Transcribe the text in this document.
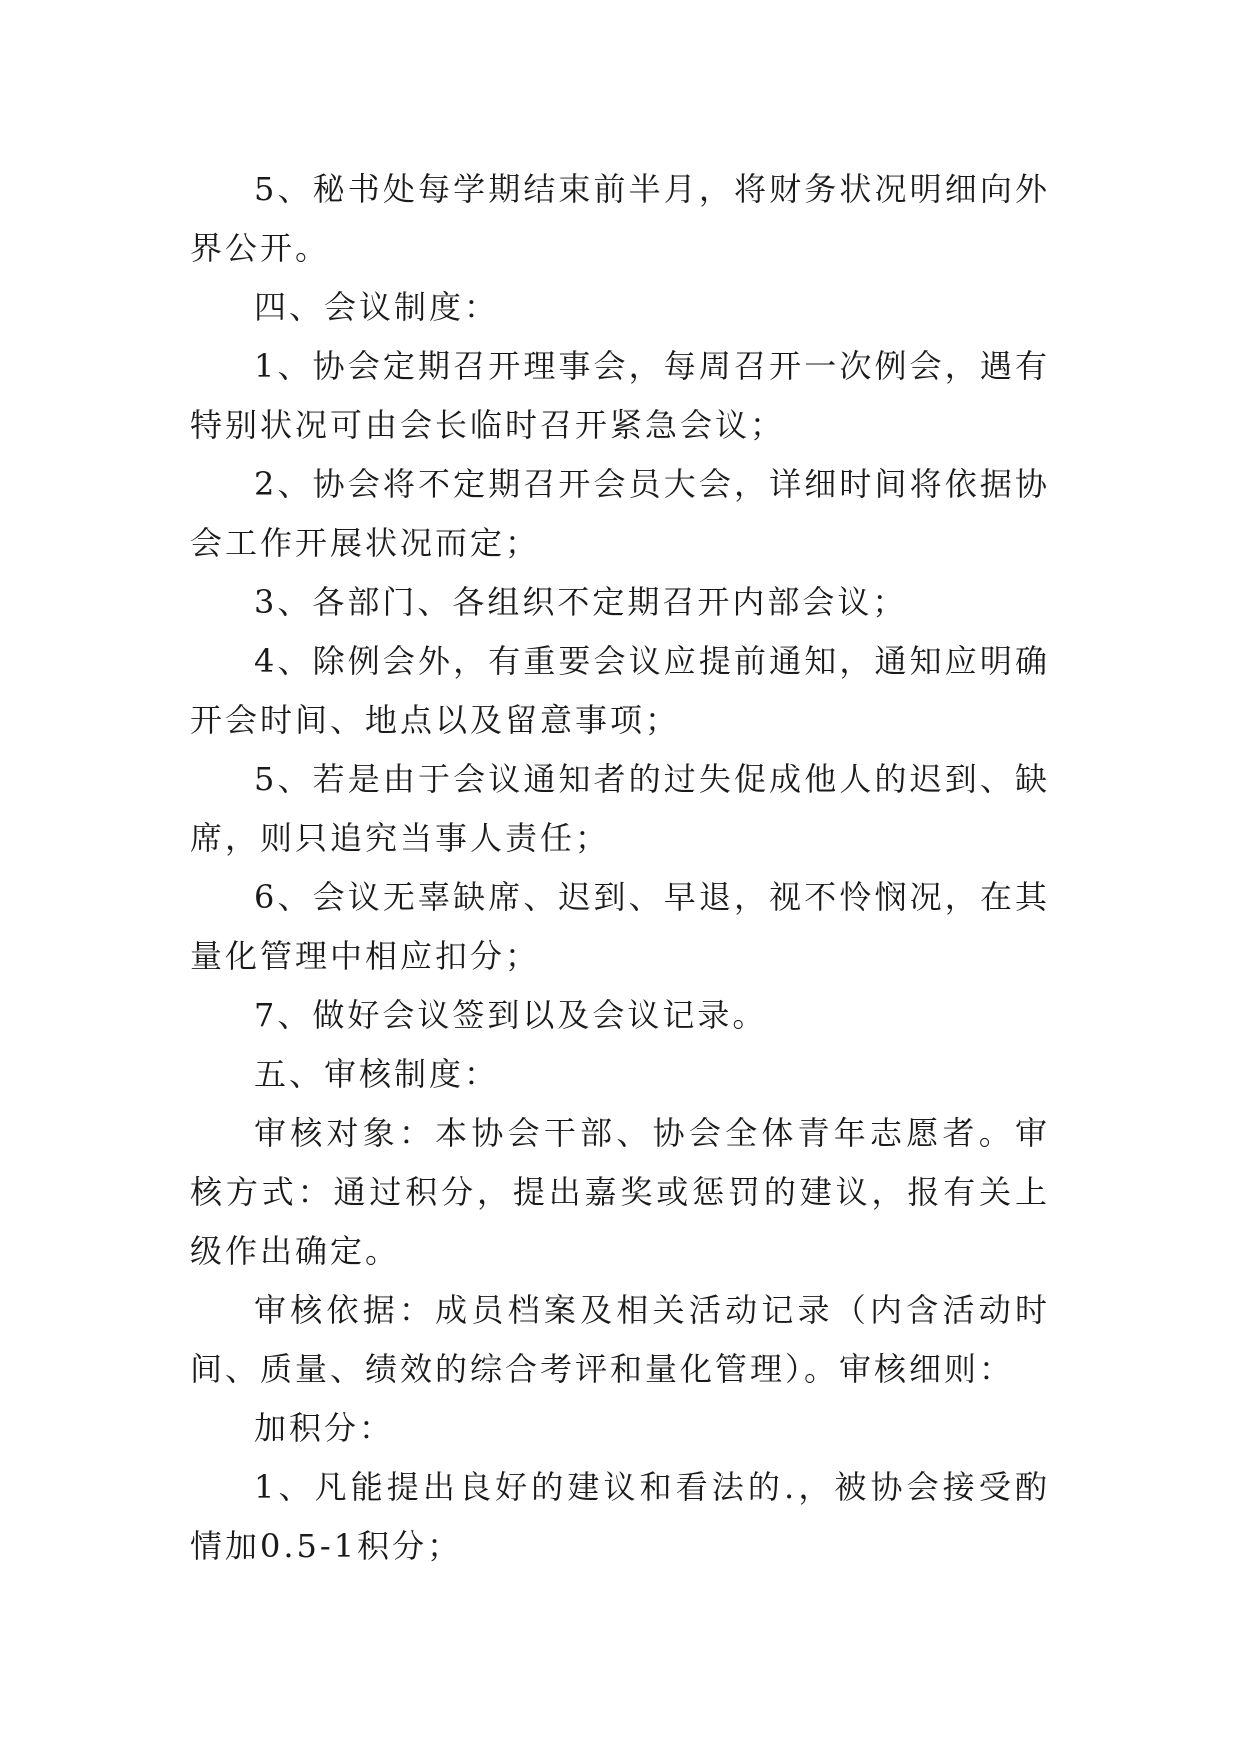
5、秘书处每学期结束前半月，将财务状况明细向外界公开。

四、会议制度：

1、协会定期召开理事会，每周召开一次例会，遇有特别状况可由会长临时召开紧急会议；

2、协会将不定期召开会员大会，详细时间将依据协会工作开展状况而定；

3、各部门、各组织不定期召开内部会议；

4、除例会外，有重要会议应提前通知，通知应明确开会时间、地点以及留意事项；

5、若是由于会议通知者的过失促成他人的迟到、缺席，则只追究当事人责任；

6、会议无辜缺席、迟到、早退，视不怜悯况，在其量化管理中相应扣分；

7、做好会议签到以及会议记录。

五、审核制度：

审核对象：本协会干部、协会全体青年志愿者。审核方式：通过积分，提出嘉奖或惩罚的建议，报有关上级作出确定。

审核依据：成员档案及相关活动记录（内含活动时间、质量、绩效的综合考评和量化管理）。审核细则：

加积分：

1、凡能提出良好的建议和看法的.，被协会接受酌情加0.5-1积分；
